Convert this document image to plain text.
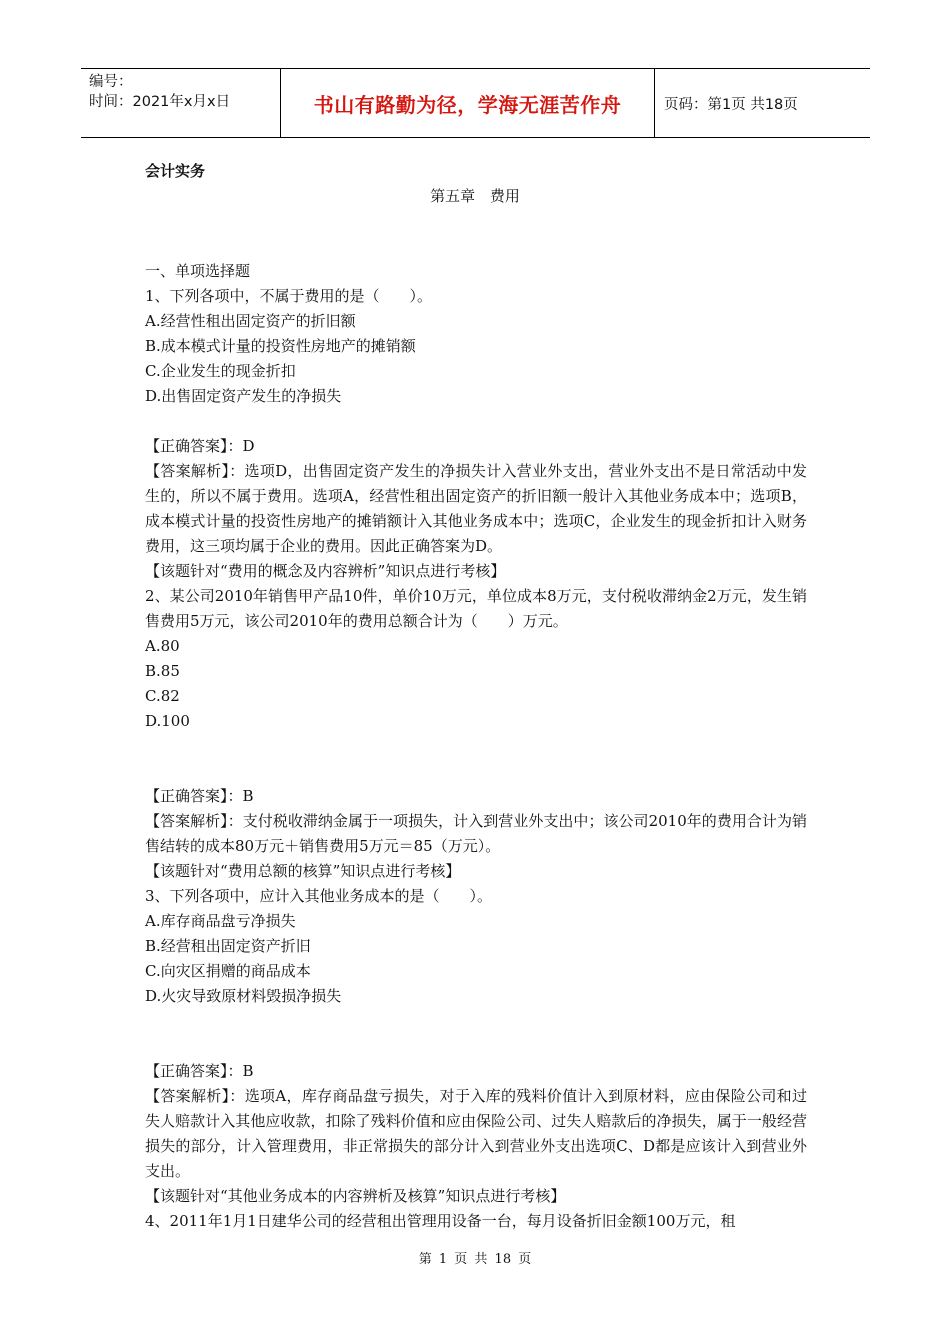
编号：
时间：2021年x月x日	书山有路勤为径，学海无涯苦作舟	页码：第1页 共18页
会计实务
第五章 费用
一、单项选择题
1、下列各项中，不属于费用的是（　　）。
A.经营性租出固定资产的折旧额
B.成本模式计量的投资性房地产的摊销额
C.企业发生的现金折扣
D.出售固定资产发生的净损失
【正确答案】：D
【答案解析】：选项D，出售固定资产发生的净损失计入营业外支出，营业外支出不是日常活动中发生的，所以不属于费用。选项A，经营性租出固定资产的折旧额一般计入其他业务成本中；选项B，成本模式计量的投资性房地产的摊销额计入其他业务成本中；选项C，企业发生的现金折扣计入财务费用，这三项均属于企业的费用。因此正确答案为D。
【该题针对“费用的概念及内容辨析”知识点进行考核】
2、某公司2010年销售甲产品10件，单价10万元，单位成本8万元，支付税收滞纳金2万元，发生销售费用5万元，该公司2010年的费用总额合计为（　　）万元。
A.80
B.85
C.82
D.100
【正确答案】：B
【答案解析】：支付税收滞纳金属于一项损失，计入到营业外支出中；该公司2010年的费用合计为销售结转的成本80万元＋销售费用5万元＝85（万元）。
【该题针对“费用总额的核算”知识点进行考核】
3、下列各项中，应计入其他业务成本的是（　　）。
A.库存商品盘亏净损失
B.经营租出固定资产折旧
C.向灾区捐赠的商品成本
D.火灾导致原材料毁损净损失
【正确答案】：B
【答案解析】：选项A，库存商品盘亏损失，对于入库的残料价值计入到原材料，应由保险公司和过失人赔款计入其他应收款，扣除了残料价值和应由保险公司、过失人赔款后的净损失，属于一般经营损失的部分，计入管理费用，非正常损失的部分计入到营业外支出选项C、D都是应该计入到营业外支出。
【该题针对“其他业务成本的内容辨析及核算”知识点进行考核】
4、2011年1月1日建华公司的经营租出管理用设备一台，每月设备折旧金额100万元，租
第 1 页 共 18 页
